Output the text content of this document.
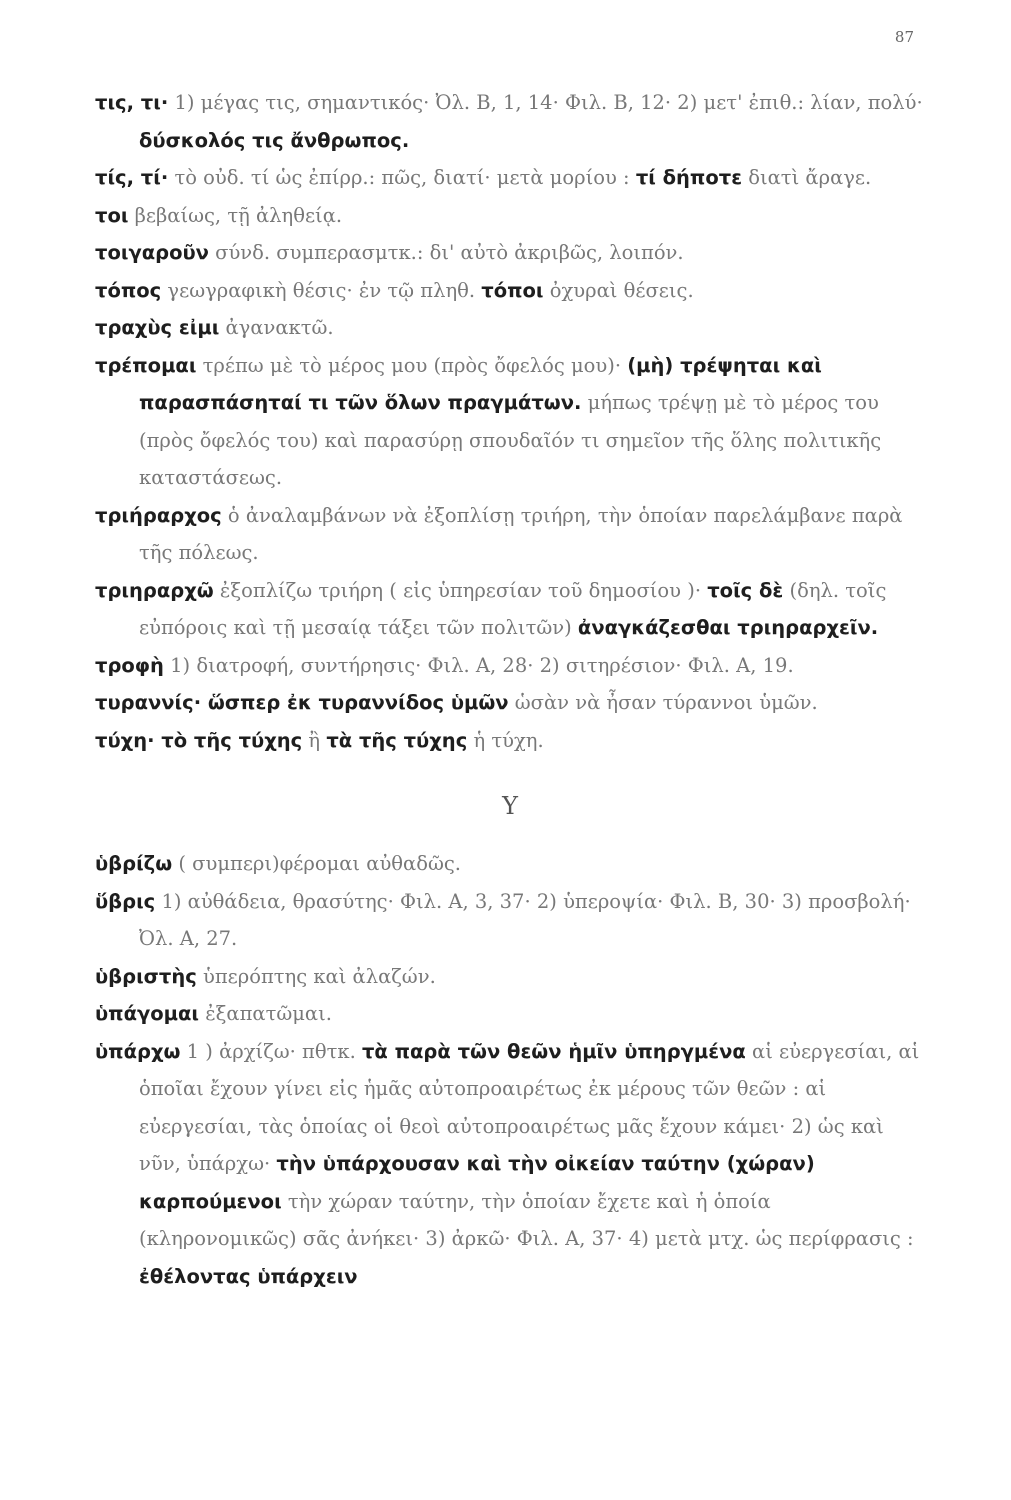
87
τις, τι· 1) μέγας τις, σημαντικός· Ὀλ. Β, 1, 14· Φιλ. Β, 12· 2) μετ' ἐπιθ.: λίαν, πολύ· δύσκολός τις ἄνθρωπος.
τίς, τί· τὸ οὐδ. τί ὡς ἐπίρρ.: πῶς, διατί· μετὰ μορίου : τί δήποτε διατὶ ἄραγε.
τοι βεβαίως, τῇ ἀληθείᾳ.
τοιγαροῦν σύνδ. συμπερασμτκ.: δι' αὐτὸ ἀκριβῶς, λοιπόν.
τόπος γεωγραφικὴ θέσις· ἐν τῷ πληθ. τόποι ὀχυραὶ θέσεις.
τραχὺς εἰμι ἀγανακτῶ.
τρέπομαι τρέπω μὲ τὸ μέρος μου (πρὸς ὄφελός μου)· (μὴ) τρέψηται καὶ παρασπάσηταί τι τῶν ὅλων πραγμάτων. μήπως τρέψῃ μὲ τὸ μέρος του (πρὸς ὄφελός του) καὶ παρασύρῃ σπουδαῖόν τι σημεῖον τῆς ὅλης πολιτικῆς καταστάσεως.
τριήραρχος ὁ ἀναλαμβάνων νὰ ἐξοπλίσῃ τριήρη, τὴν ὁποίαν παρελάμβανε παρὰ τῆς πόλεως.
τριηραρχῶ ἐξοπλίζω τριήρη ( εἰς ὑπηρεσίαν τοῦ δημοσίου )· τοῖς δὲ (δηλ. τοῖς εὐπόροις καὶ τῇ μεσαίᾳ τάξει τῶν πολιτῶν) ἀναγκάζεσθαι τριηραρχεῖν.
τροφὴ 1) διατροφή, συντήρησις· Φιλ. Α, 28· 2) σιτηρέσιον· Φιλ. Α, 19.
τυραννίς· ὥσπερ ἐκ τυραννίδος ὑμῶν ὡσὰν νὰ ἦσαν τύραννοι ὑμῶν.
τύχη· τὸ τῆς τύχης ἢ τὰ τῆς τύχης ἡ τύχη.
Υ
ὑβρίζω ( συμπερι)φέρομαι αὐθαδῶς.
ὕβρις 1) αὐθάδεια, θρασύτης· Φιλ. Α, 3, 37· 2) ὑπεροψία· Φιλ. Β, 30· 3) προσβολή· Ὀλ. Α, 27.
ὑβριστὴς ὑπερόπτης καὶ ἀλαζών.
ὑπάγομαι ἐξαπατῶμαι.
ὑπάρχω 1 ) ἀρχίζω· πθτκ. τὰ παρὰ τῶν θεῶν ἡμῖν ὑπηργμένα αἱ εὐεργεσίαι, αἱ ὁποῖαι ἔχουν γίνει εἰς ἡμᾶς αὐτοπροαιρέτως ἐκ μέρους τῶν θεῶν : αἱ εὐεργεσίαι, τὰς ὁποίας οἱ θεοὶ αὐτοπροαιρέτως μᾶς ἔχουν κάμει· 2) ὡς καὶ νῦν, ὑπάρχω· τὴν ὑπάρχουσαν καὶ τὴν οἰκείαν ταύτην (χώραν) καρπούμενοι τὴν χώραν ταύτην, τὴν ὁποίαν ἔχετε καὶ ἡ ὁποία (κληρονομικῶς) σᾶς ἀνήκει· 3) ἀρκῶ· Φιλ. Α, 37· 4) μετὰ μτχ. ὡς περίφρασις : ἐθέλοντας ὑπάρχειν
